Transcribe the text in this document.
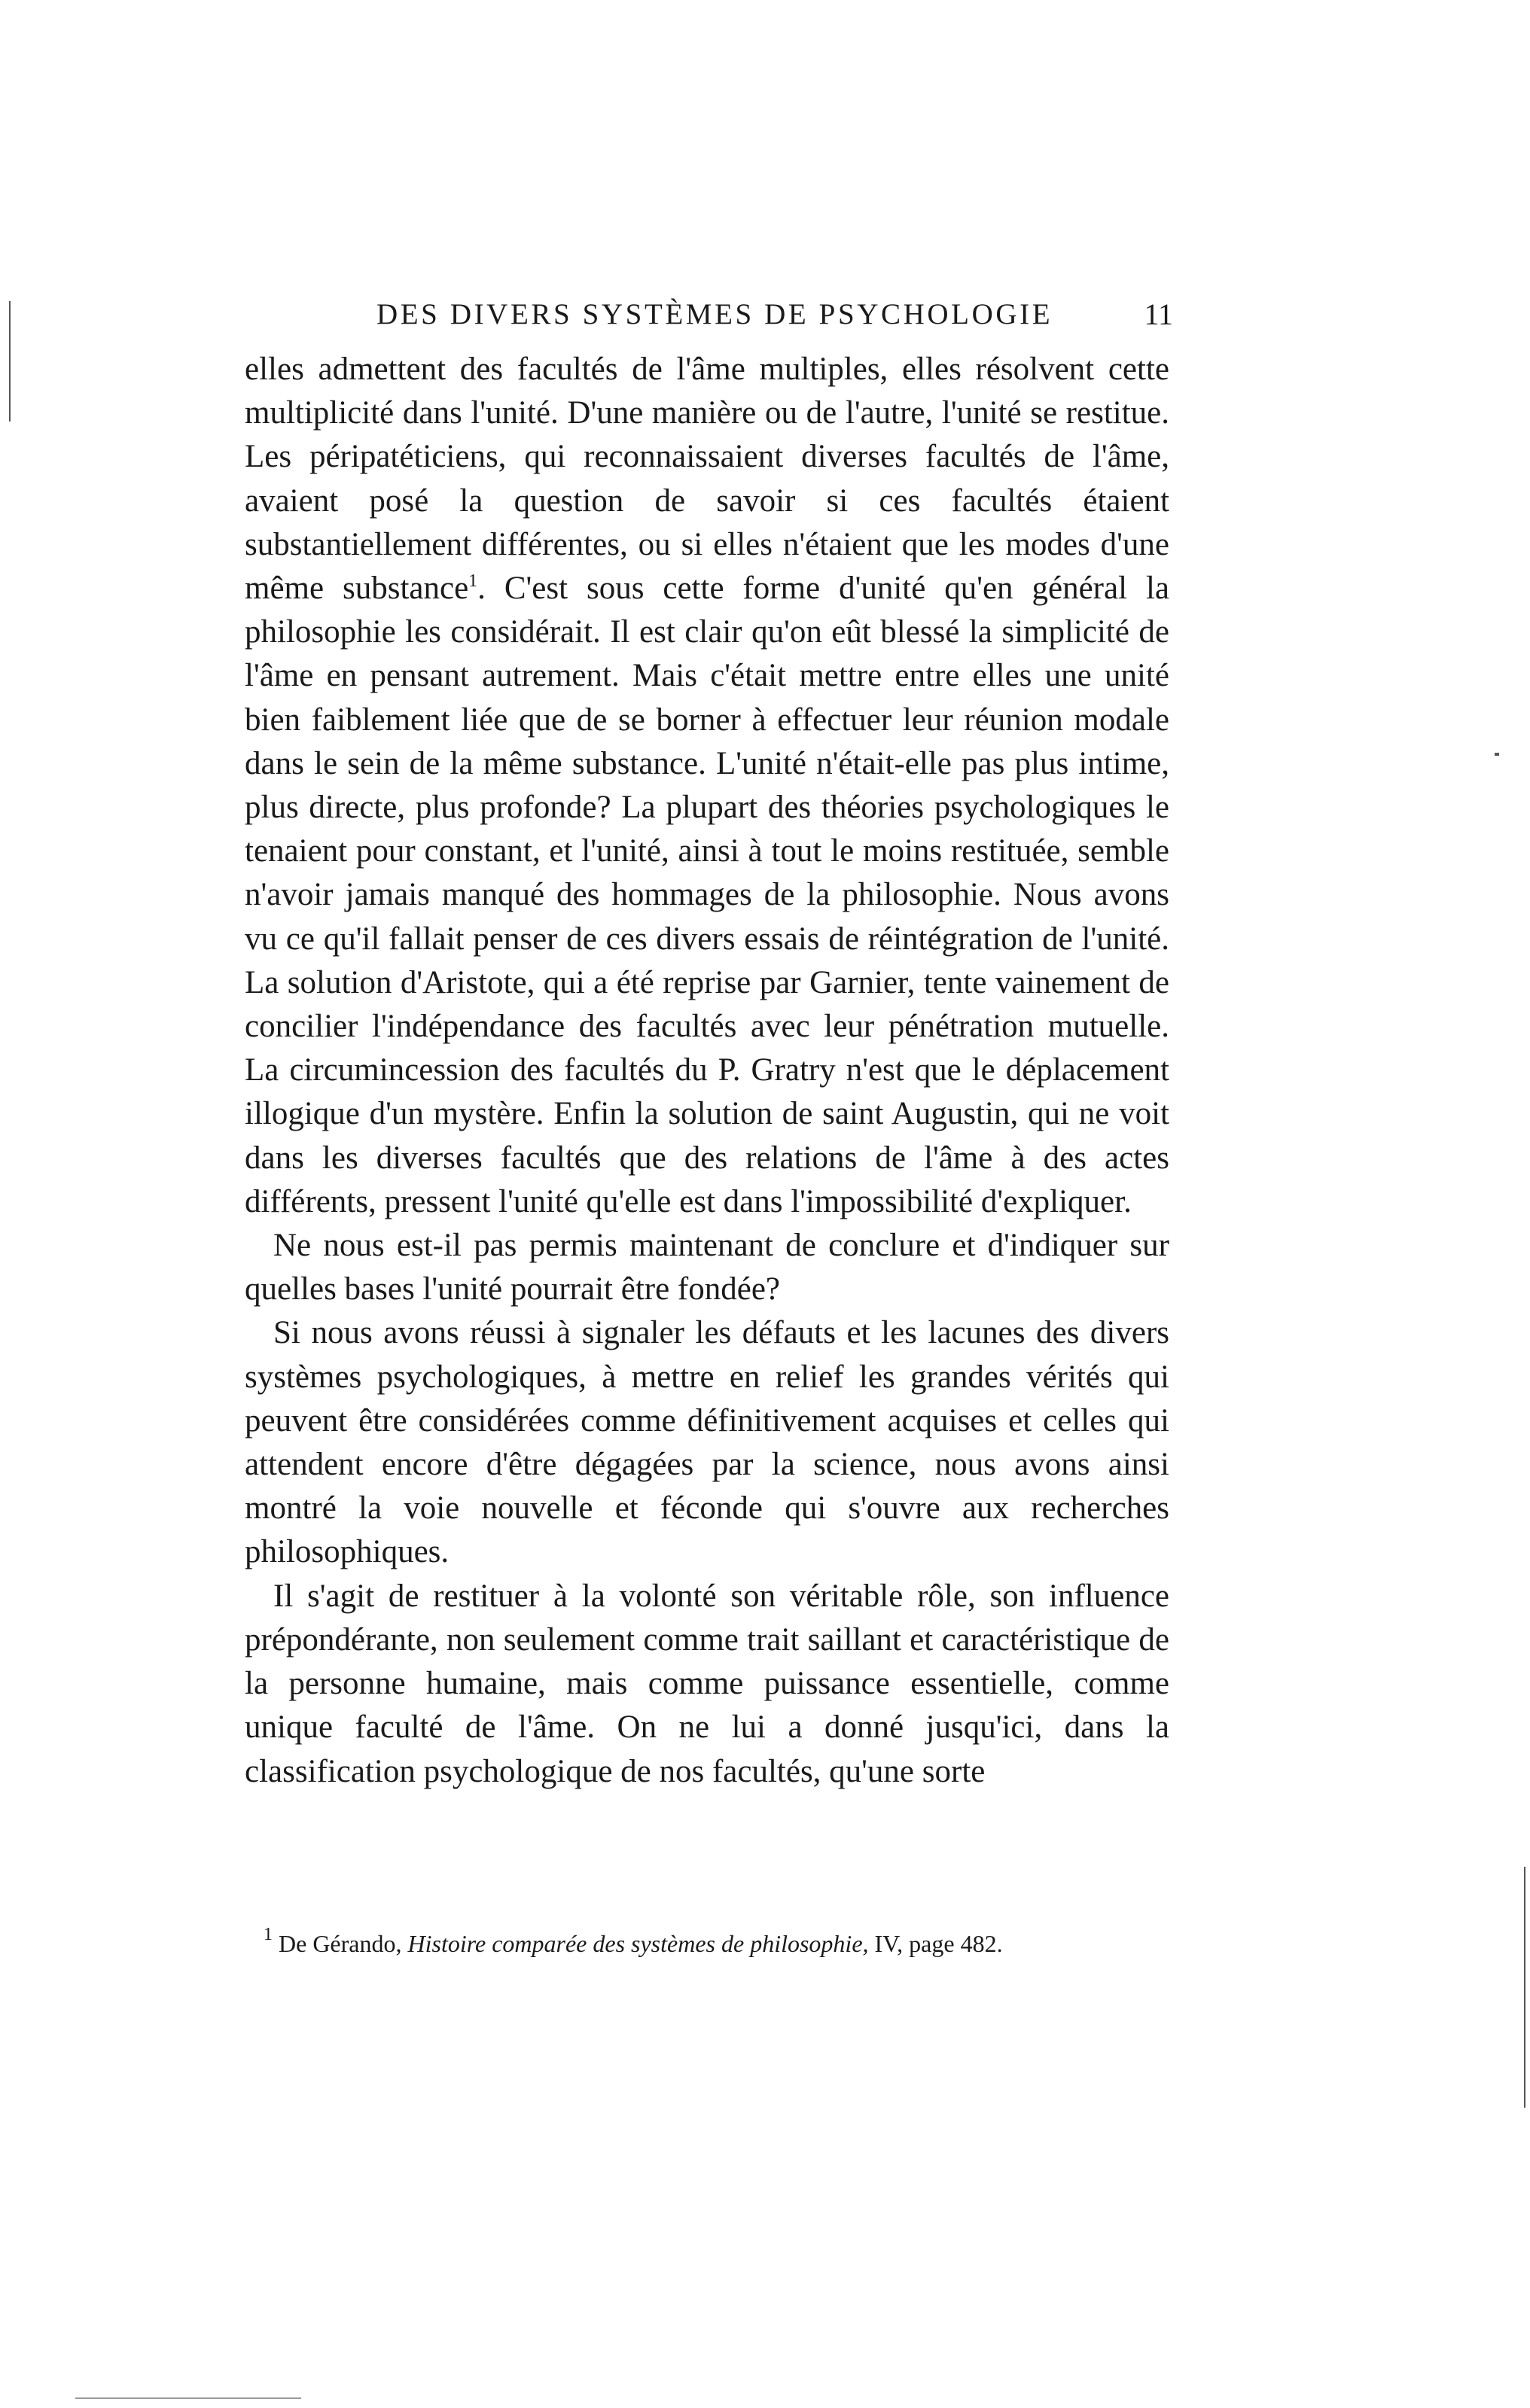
DES DIVERS SYSTÈMES DE PSYCHOLOGIE	11

elles admettent des facultés de l'âme multiples, elles résolvent cette multiplicité dans l'unité. D'une manière ou de l'autre, l'unité se restitue. Les péripatéticiens, qui reconnaissaient diverses facultés de l'âme, avaient posé la question de savoir si ces facultés étaient substantiellement différentes, ou si elles n'étaient que les modes d'une même substance$^1$. C'est sous cette forme d'unité qu'en général la philosophie les considérait. Il est clair qu'on eût blessé la simplicité de l'âme en pensant autrement. Mais c'était mettre entre elles une unité bien faiblement liée que de se borner à effectuer leur réunion modale dans le sein de la même substance. L'unité n'était-elle pas plus intime, plus directe, plus profonde? La plupart des théories psychologiques le tenaient pour constant, et l'unité, ainsi à tout le moins restituée, semble n'avoir jamais manqué des hommages de la philosophie. Nous avons vu ce qu'il fallait penser de ces divers essais de réintégration de l'unité. La solution d'Aristote, qui a été reprise par Garnier, tente vainement de concilier l'indépendance des facultés avec leur pénétration mutuelle. La circumincession des facultés du P. Gratry n'est que le déplacement illogique d'un mystère. Enfin la solution de saint Augustin, qui ne voit dans les diverses facultés que des relations de l'âme à des actes différents, pressent l'unité qu'elle est dans l'impossibilité d'expliquer.

Ne nous est-il pas permis maintenant de conclure et d'indiquer sur quelles bases l'unité pourrait être fondée?

Si nous avons réussi à signaler les défauts et les lacunes des divers systèmes psychologiques, à mettre en relief les grandes vérités qui peuvent être considérées comme définitivement acquises et celles qui attendent encore d'être dégagées par la science, nous avons ainsi montré la voie nouvelle et féconde qui s'ouvre aux recherches philosophiques.

Il s'agit de restituer à la volonté son véritable rôle, son influence prépondérante, non seulement comme trait saillant et caractéristique de la personne humaine, mais comme puissance essentielle, comme unique faculté de l'âme. On ne lui a donné jusqu'ici, dans la classification psychologique de nos facultés, qu'une sorte

$^1$ De Gérando, Histoire comparée des systèmes de philosophie, IV, page 482.
